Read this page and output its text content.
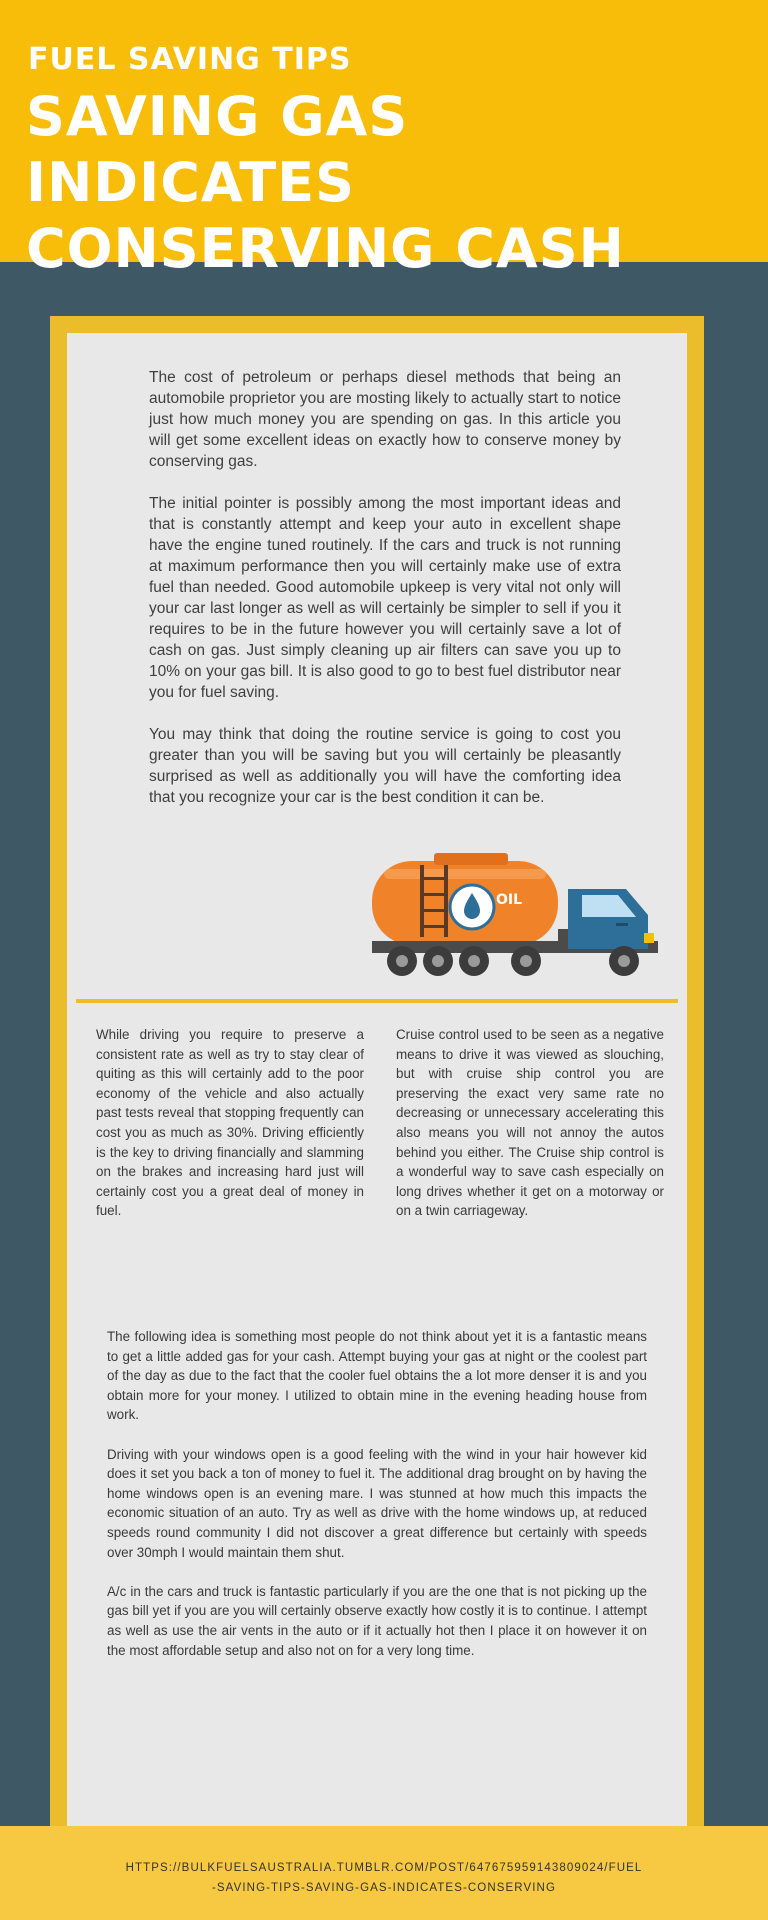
FUEL SAVING TIPS
SAVING GAS INDICATES CONSERVING CASH

The cost of petroleum or perhaps diesel methods that being an automobile proprietor you are mosting likely to actually start to notice just how much money you are spending on gas. In this article you will get some excellent ideas on exactly how to conserve money by conserving gas.

The initial pointer is possibly among the most important ideas and that is constantly attempt and keep your auto in excellent shape have the engine tuned routinely. If the cars and truck is not running at maximum performance then you will certainly make use of extra fuel than needed. Good automobile upkeep is very vital not only will your car last longer as well as will certainly be simpler to sell if you it requires to be in the future however you will certainly save a lot of cash on gas. Just simply cleaning up air filters can save you up to 10% on your gas bill. It is also good to go to best fuel distributor near you for fuel saving.

You may think that doing the routine service is going to cost you greater than you will be saving but you will certainly be pleasantly surprised as well as additionally you will have the comforting idea that you recognize your car is the best condition it can be.

OIL

While driving you require to preserve a consistent rate as well as try to stay clear of quiting as this will certainly add to the poor economy of the vehicle and also actually past tests reveal that stopping frequently can cost you as much as 30%. Driving efficiently is the key to driving financially and slamming on the brakes and increasing hard just will certainly cost you a great deal of money in fuel.

Cruise control used to be seen as a negative means to drive it was viewed as slouching, but with cruise ship control you are preserving the exact very same rate no decreasing or unnecessary accelerating this also means you will not annoy the autos behind you either. The Cruise ship control is a wonderful way to save cash especially on long drives whether it get on a motorway or on a twin carriageway.

The following idea is something most people do not think about yet it is a fantastic means to get a little added gas for your cash. Attempt buying your gas at night or the coolest part of the day as due to the fact that the cooler fuel obtains the a lot more denser it is and you obtain more for your money. I utilized to obtain mine in the evening heading house from work.

Driving with your windows open is a good feeling with the wind in your hair however kid does it set you back a ton of money to fuel it. The additional drag brought on by having the home windows open is an evening mare. I was stunned at how much this impacts the economic situation of an auto. Try as well as drive with the home windows up, at reduced speeds round community I did not discover a great difference but certainly with speeds over 30mph I would maintain them shut.

A/c in the cars and truck is fantastic particularly if you are the one that is not picking up the gas bill yet if you are you will certainly observe exactly how costly it is to continue. I attempt as well as use the air vents in the auto or if it actually hot then I place it on however it on the most affordable setup and also not on for a very long time.

HTTPS://BULKFUELSAUSTRALIA.TUMBLR.COM/POST/647675959143809024/FUEL
-SAVING-TIPS-SAVING-GAS-INDICATES-CONSERVING
